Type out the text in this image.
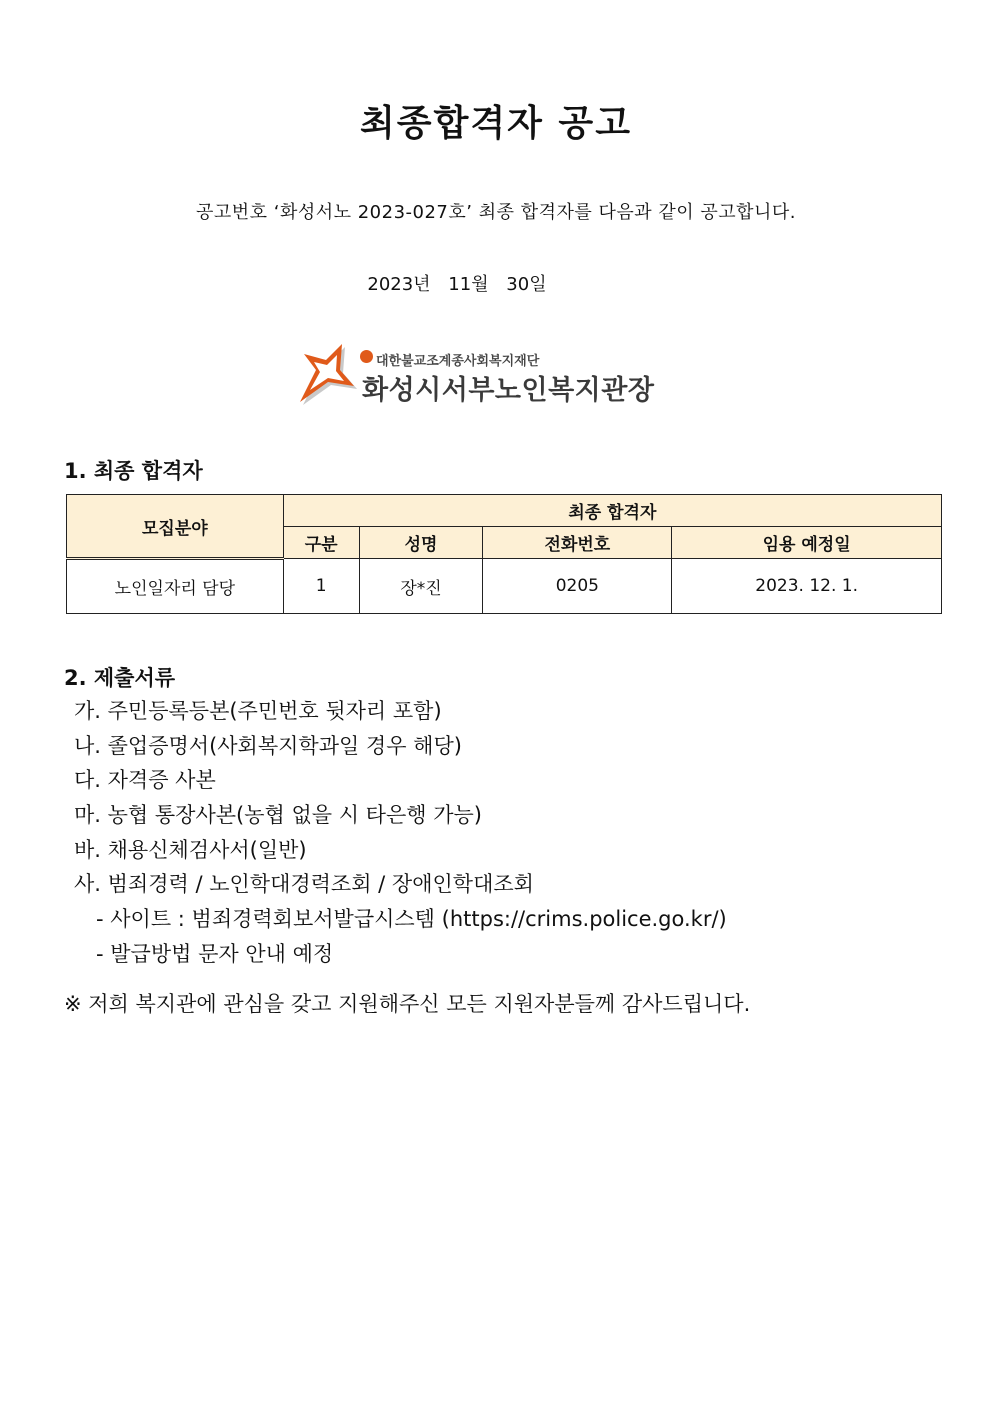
최종합격자 공고
공고번호 ‘화성서노 2023-027호’ 최종 합격자를 다음과 같이 공고합니다.
2023년 11월 30일
대한불교조계종사회복지재단
화성시서부노인복지관장
1. 최종 합격자
모집분야	최종 합격자			
	구분	성명	전화번호	임용 예정일
노인일자리 담당	1	장*진	0205	2023. 12. 1.
2. 제출서류
가. 주민등록등본(주민번호 뒷자리 포함)
나. 졸업증명서(사회복지학과일 경우 해당)
다. 자격증 사본
마. 농협 통장사본(농협 없을 시 타은행 가능)
바. 채용신체검사서(일반)
사. 범죄경력 / 노인학대경력조회 / 장애인학대조회
- 사이트 : 범죄경력회보서발급시스템 (https://crims.police.go.kr/)
- 발급방법 문자 안내 예정
※ 저희 복지관에 관심을 갖고 지원해주신 모든 지원자분들께 감사드립니다.
